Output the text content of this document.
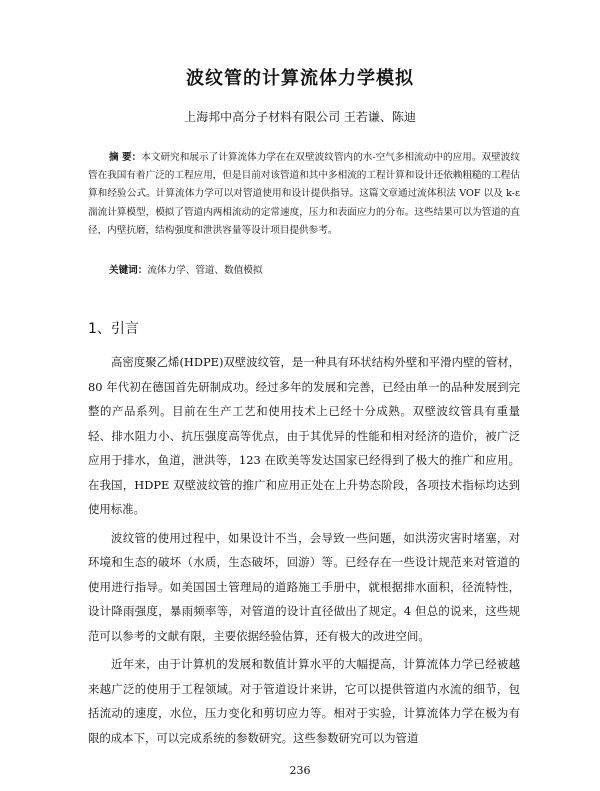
波纹管的计算流体力学模拟
上海邦中高分子材料有限公司 王若谦、陈迪
摘 要：本文研究和展示了计算流体力学在在双壁波纹管内的水-空气多相流动中的应用。双壁波纹管在我国有着广泛的工程应用，但是目前对该管道和其中多相流的工程计算和设计还依赖粗糙的工程估算和经验公式。计算流体力学可以对管道使用和设计提供指导。这篇文章通过流体积法 VOF 以及 k-ε湍流计算模型，模拟了管道内两相流动的定常速度，压力和表面应力的分布。这些结果可以为管道的直径，内壁抗磨，结构强度和泄洪容量等设计项目提供参考。
关键词：流体力学、管道、数值模拟
1、引言

高密度聚乙烯(HDPE)双壁波纹管，是一种具有环状结构外壁和平滑内壁的管材，80 年代初在德国首先研制成功。经过多年的发展和完善，已经由单一的品种发展到完整的产品系列。目前在生产工艺和使用技术上已经十分成熟。双壁波纹管具有重量轻、排水阻力小、抗压强度高等优点，由于其优异的性能和相对经济的造价，被广泛应用于排水，鱼道，泄洪等，123 在欧美等发达国家已经得到了极大的推广和应用。在我国，HDPE 双壁波纹管的推广和应用正处在上升势态阶段，各项技术指标均达到使用标准。

波纹管的使用过程中，如果设计不当，会导致一些问题，如洪涝灾害时堵塞，对环境和生态的破坏（水质，生态破坏，回游）等。已经存在一些设计规范来对管道的使用进行指导。如美国国土管理局的道路施工手册中，就根据排水面积，径流特性，设计降雨强度，暴雨频率等，对管道的设计直径做出了规定。4 但总的说来，这些规范可以参考的文献有限，主要依据经验估算，还有极大的改进空间。

近年来，由于计算机的发展和数值计算水平的大幅提高，计算流体力学已经被越来越广泛的使用于工程领域。对于管道设计来讲，它可以提供管道内水流的细节，包括流动的速度，水位，压力变化和剪切应力等。相对于实验，计算流体力学在极为有限的成本下，可以完成系统的参数研究。这些参数研究可以为管道

236
